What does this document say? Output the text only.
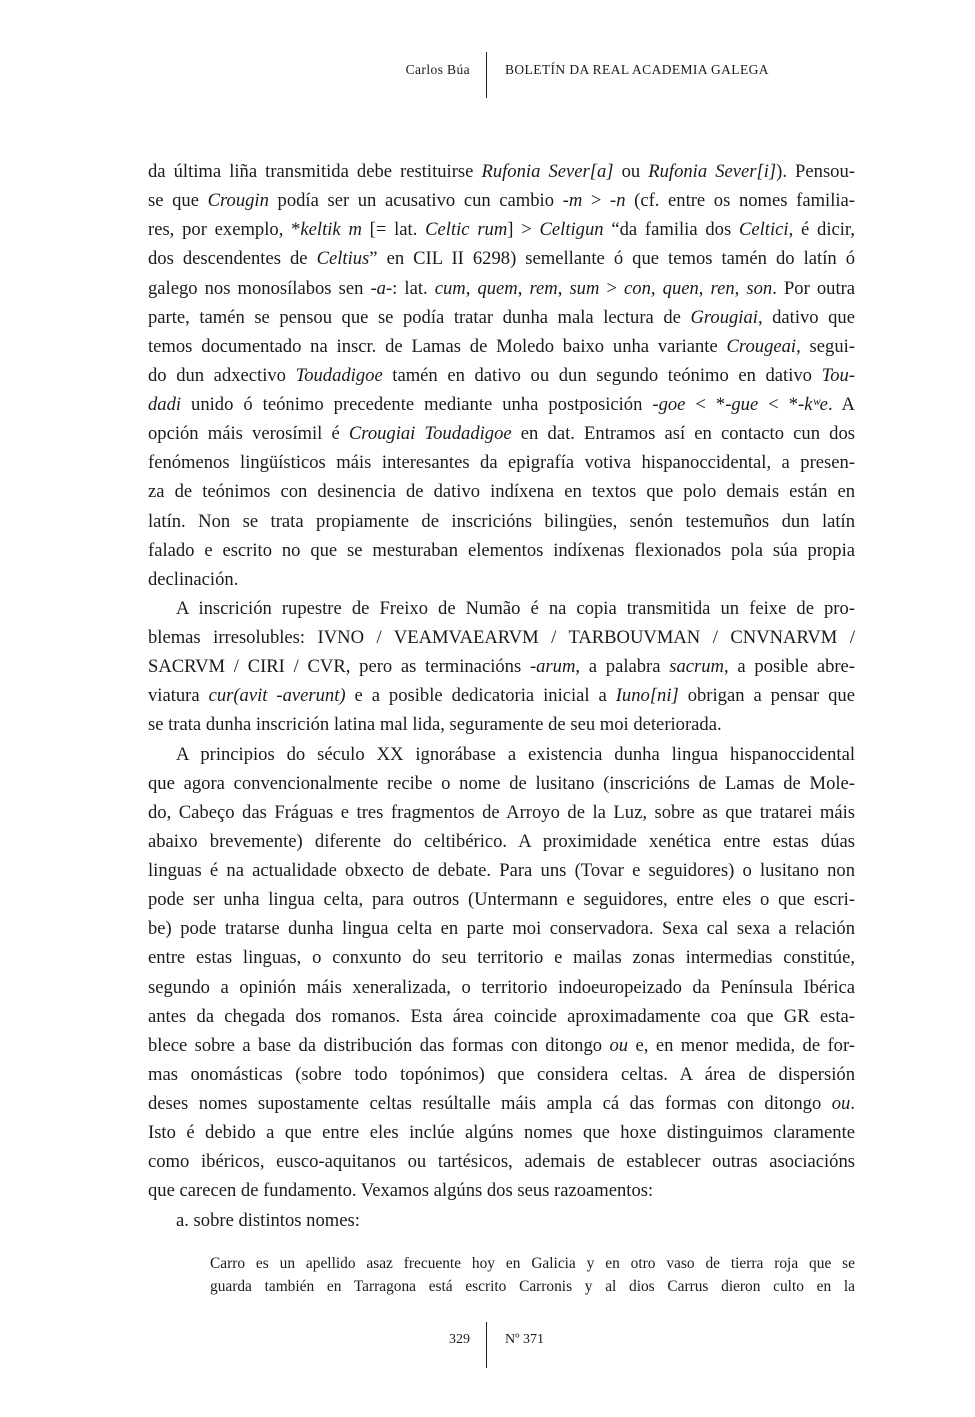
Carlos Búa	BOLETÍN DA REAL ACADEMIA GALEGA
da última liña transmitida debe restituirse Rufonia Sever[a] ou Rufonia Sever[i]). Pensou-
se que Crougin podía ser un acusativo cun cambio -m > -n (cf. entre os nomes familia-
res, por exemplo, *keltik m [= lat. Celtic rum] > Celtigun “da familia dos Celtici, é dicir,
dos descendentes de Celtius” en CIL II 6298) semellante ó que temos tamén do latín ó
galego nos monosílabos sen -a-: lat. cum, quem, rem, sum > con, quen, ren, son. Por outra
parte, tamén se pensou que se podía tratar dunha mala lectura de Grougiai, dativo que
temos documentado na inscr. de Lamas de Moledo baixo unha variante Crougeai, segui-
do dun adxectivo Toudadigoe tamén en dativo ou dun segundo teónimo en dativo Tou-
dadi unido ó teónimo precedente mediante unha postposición -goe < *-gue < *-kʷe. A
opción máis verosímil é Crougiai Toudadigoe en dat. Entramos así en contacto cun dos
fenómenos lingüísticos máis interesantes da epigrafía votiva hispanoccidental, a presen-
za de teónimos con desinencia de dativo indíxena en textos que polo demais están en
latín. Non se trata propiamente de inscricións bilingües, senón testemuños dun latín
falado e escrito no que se mesturaban elementos indíxenas flexionados pola súa propia
declinación.
A inscrición rupestre de Freixo de Numão é na copia transmitida un feixe de pro-
blemas irresolubles: IVNO / VEAMVAEARVM / TARBOUVMAN / CNVNARVM /
SACRVM / CIRI / CVR, pero as terminacións -arum, a palabra sacrum, a posible abre-
viatura cur(avit -averunt) e a posible dedicatoria inicial a Iuno[ni] obrigan a pensar que
se trata dunha inscrición latina mal lida, seguramente de seu moi deteriorada.
A principios do século XX ignorábase a existencia dunha lingua hispanoccidental
que agora convencionalmente recibe o nome de lusitano (inscricións de Lamas de Mole-
do, Cabeço das Fráguas e tres fragmentos de Arroyo de la Luz, sobre as que tratarei máis
abaixo brevemente) diferente do celtibérico. A proximidade xenética entre estas dúas
linguas é na actualidade obxecto de debate. Para uns (Tovar e seguidores) o lusitano non
pode ser unha lingua celta, para outros (Untermann e seguidores, entre eles o que escri-
be) pode tratarse dunha lingua celta en parte moi conservadora. Sexa cal sexa a relación
entre estas linguas, o conxunto do seu territorio e mailas zonas intermedias constitúe,
segundo a opinión máis xeneralizada, o territorio indoeuropeizado da Península Ibérica
antes da chegada dos romanos. Esta área coincide aproximadamente coa que GR esta-
blece sobre a base da distribución das formas con ditongo ou e, en menor medida, de for-
mas onomásticas (sobre todo topónimos) que considera celtas. A área de dispersión
deses nomes supostamente celtas resúltalle máis ampla cá das formas con ditongo ou.
Isto é debido a que entre eles inclúe algúns nomes que hoxe distinguimos claramente
como ibéricos, eusco-aquitanos ou tartésicos, ademais de establecer outras asociacións
que carecen de fundamento. Vexamos algúns dos seus razoamentos:
a. sobre distintos nomes:
Carro es un apellido asaz frecuente hoy en Galicia y en otro vaso de tierra roja que se
guarda también en Tarragona está escrito Carronis y al dios Carrus dieron culto en la
329	Nº 371
